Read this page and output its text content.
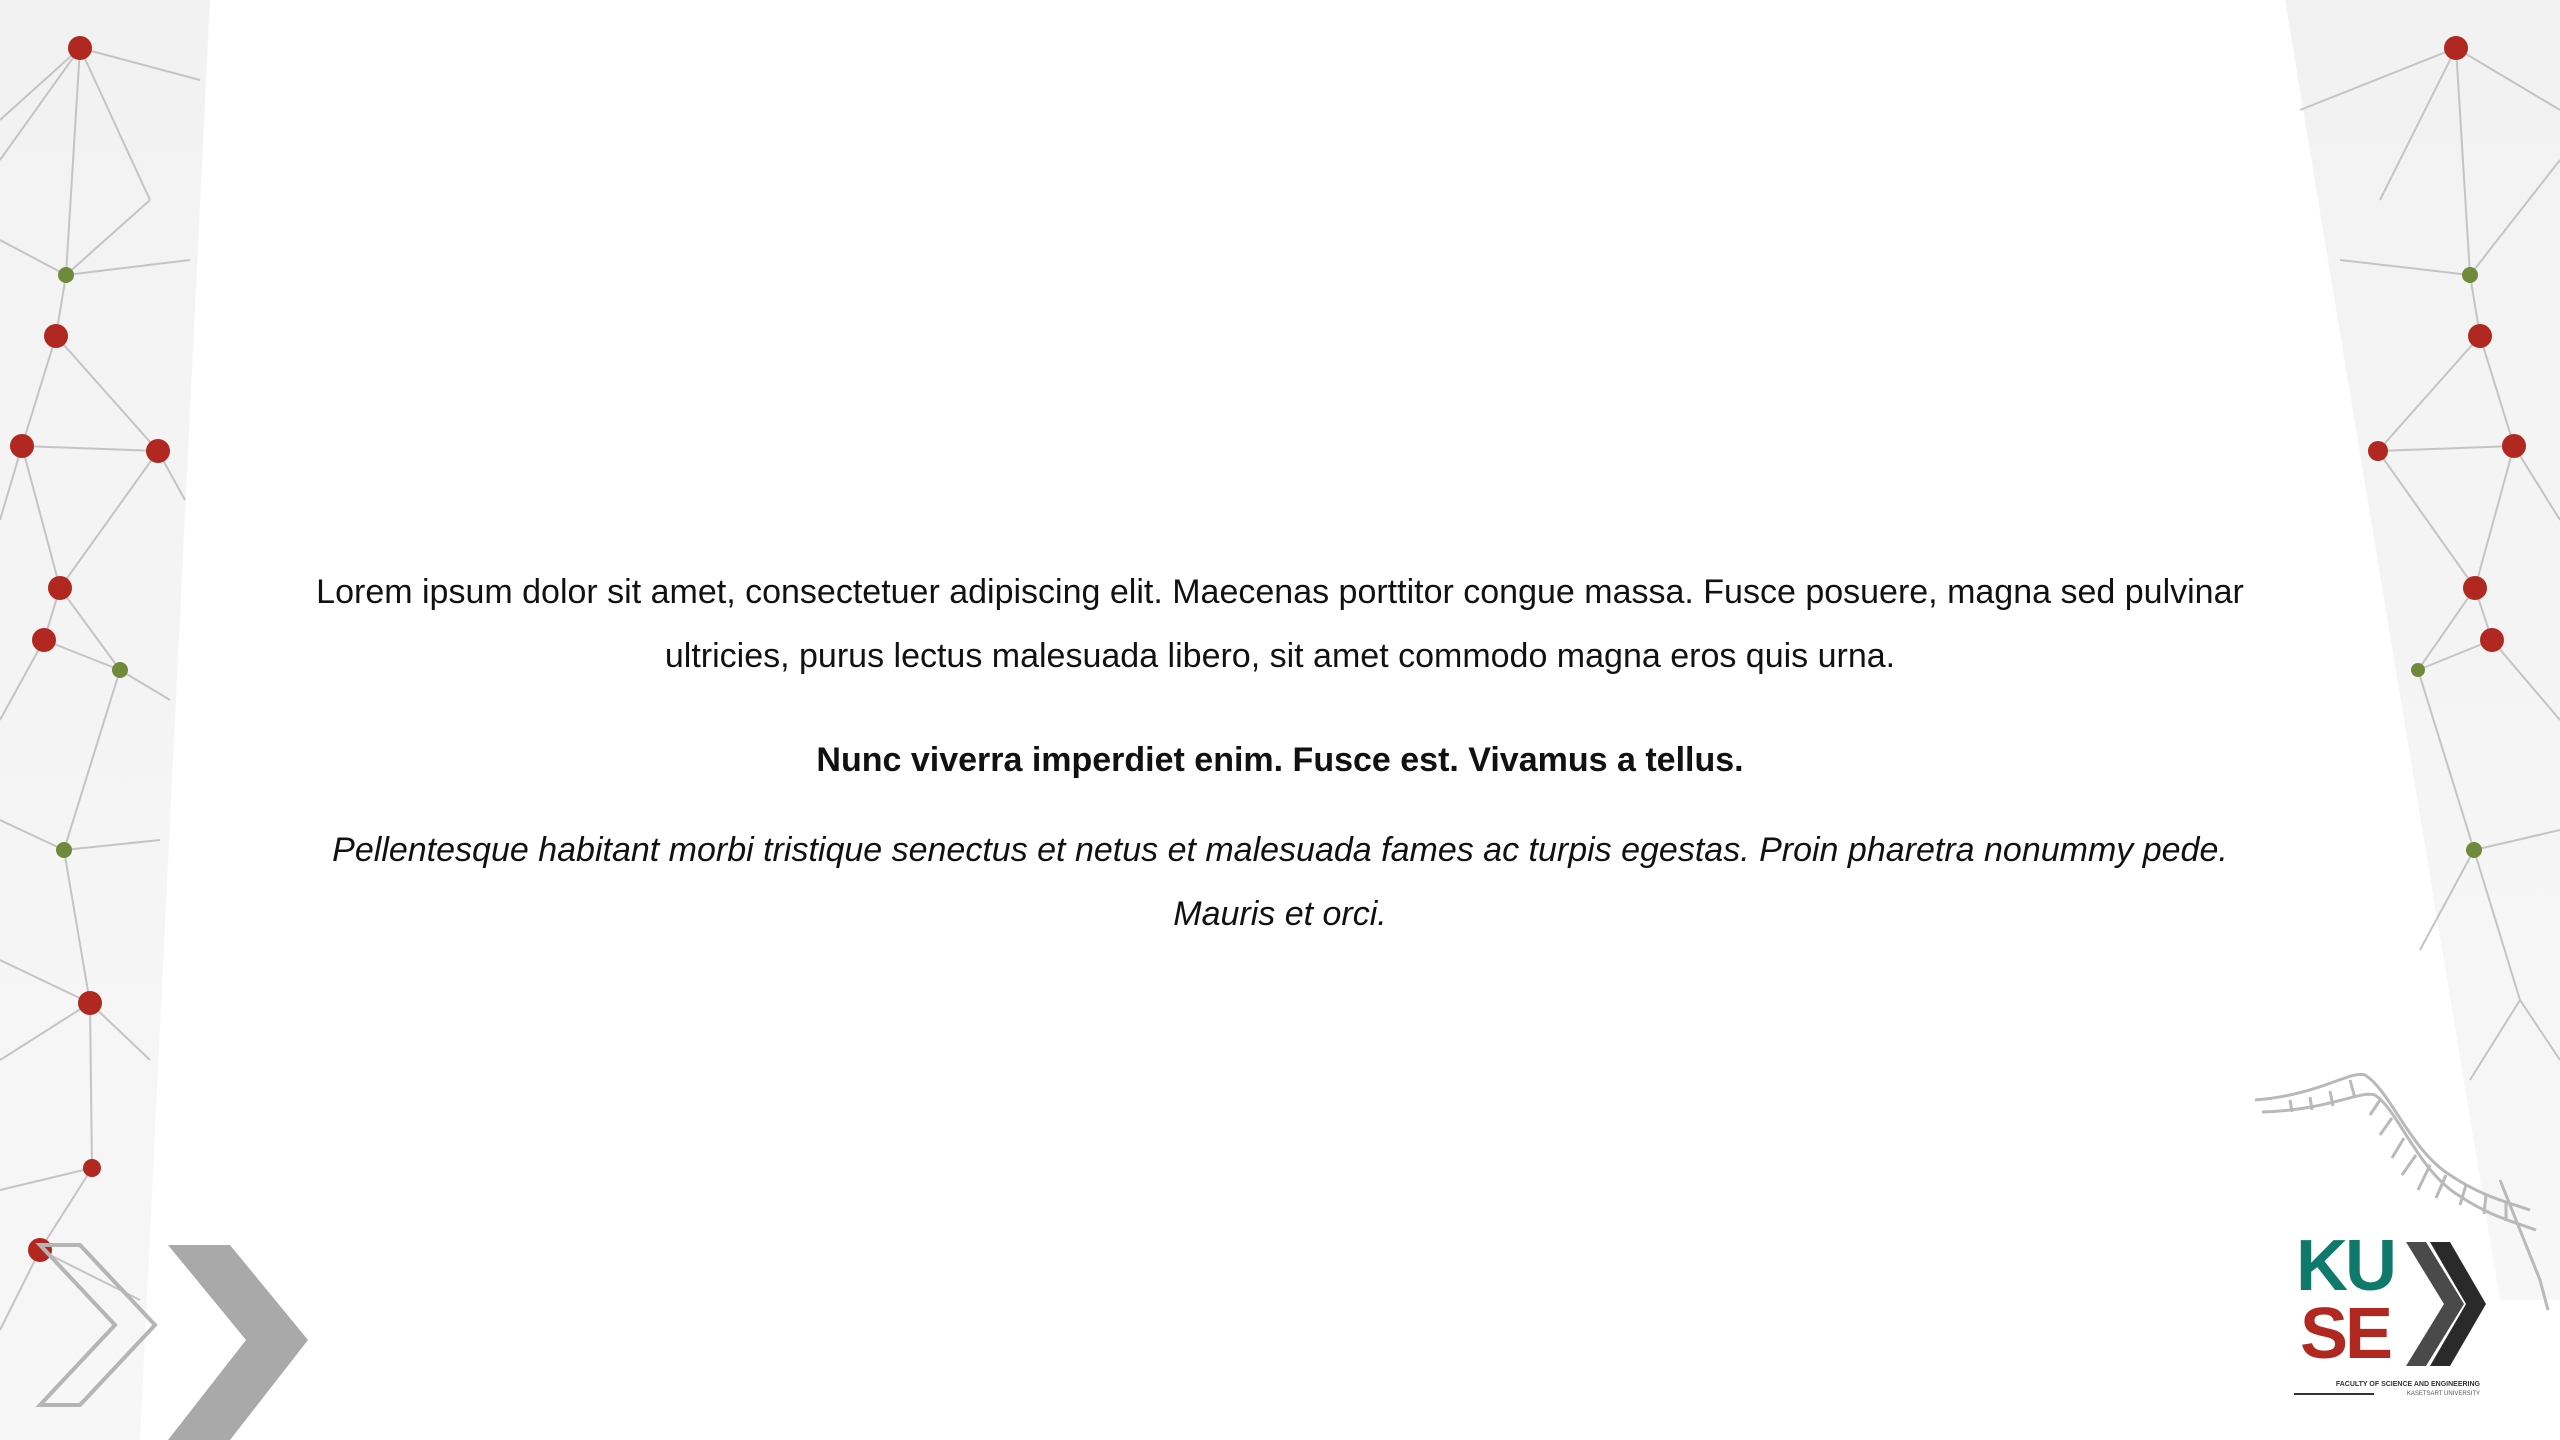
Lorem ipsum dolor sit amet, consectetuer adipiscing elit. Maecenas porttitor congue massa. Fusce posuere, magna sed pulvinar ultricies, purus lectus malesuada libero, sit amet commodo magna eros quis urna.

Nunc viverra imperdiet enim. Fusce est. Vivamus a tellus.

Pellentesque habitant morbi tristique senectus et netus et malesuada fames ac turpis egestas. Proin pharetra nonummy pede. Mauris et orci.

KU
SE
FACULTY OF SCIENCE AND ENGINEERING
KASETSART UNIVERSITY
